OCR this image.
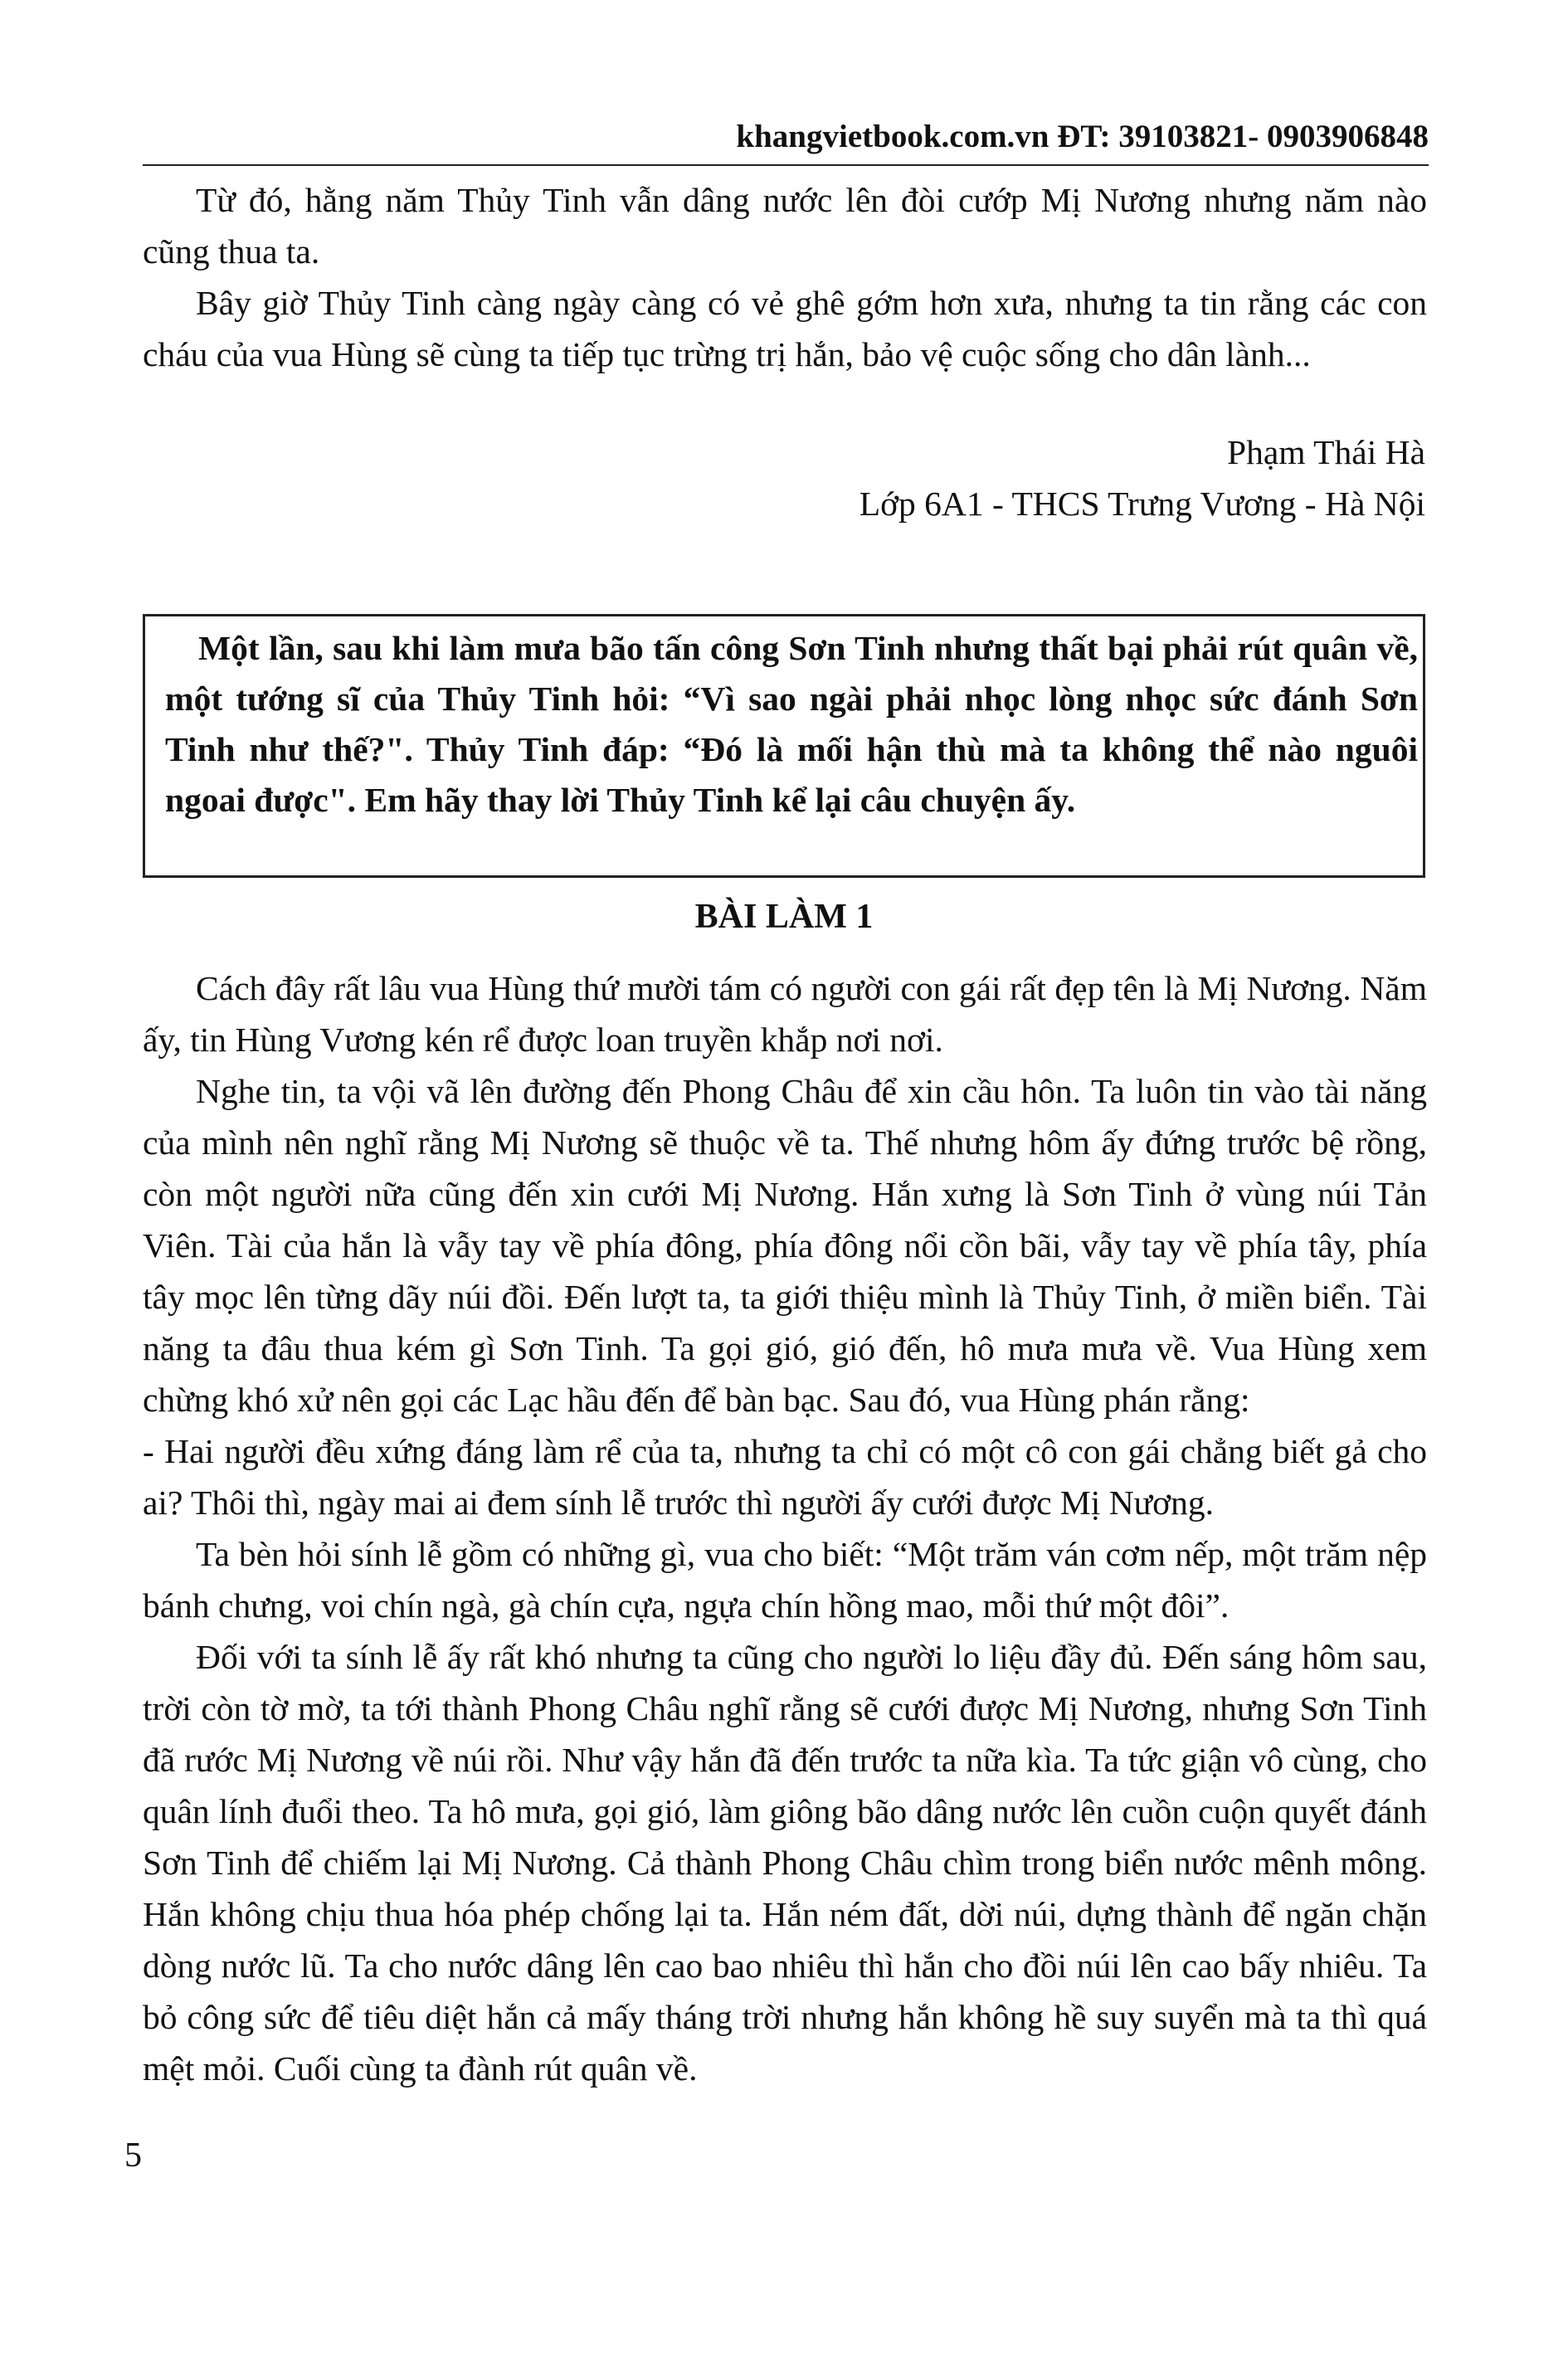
khangvietbook.com.vn ĐT: 39103821- 0903906848

Từ đó, hằng năm Thủy Tinh vẫn dâng nước lên đòi cướp Mị Nương nhưng năm nào cũng thua ta.

Bây giờ Thủy Tinh càng ngày càng có vẻ ghê gớm hơn xưa, nhưng ta tin rằng các con cháu của vua Hùng sẽ cùng ta tiếp tục trừng trị hắn, bảo vệ cuộc sống cho dân lành...

Phạm Thái Hà
Lớp 6A1 - THCS Trưng Vương - Hà Nội

Một lần, sau khi làm mưa bão tấn công Sơn Tinh nhưng thất bại phải rút quân về, một tướng sĩ của Thủy Tinh hỏi: “Vì sao ngài phải nhọc lòng nhọc sức đánh Sơn Tinh như thế?". Thủy Tinh đáp: “Đó là mối hận thù mà ta không thể nào nguôi ngoai được". Em hãy thay lời Thủy Tinh kể lại câu chuyện ấy.

BÀI LÀM 1

Cách đây rất lâu vua Hùng thứ mười tám có người con gái rất đẹp tên là Mị Nương. Năm ấy, tin Hùng Vương kén rể được loan truyền khắp nơi nơi.

Nghe tin, ta vội vã lên đường đến Phong Châu để xin cầu hôn. Ta luôn tin vào tài năng của mình nên nghĩ rằng Mị Nương sẽ thuộc về ta. Thế nhưng hôm ấy đứng trước bệ rồng, còn một người nữa cũng đến xin cưới Mị Nương. Hắn xưng là Sơn Tinh ở vùng núi Tản Viên. Tài của hắn là vẫy tay về phía đông, phía đông nổi cồn bãi, vẫy tay về phía tây, phía tây mọc lên từng dãy núi đồi. Đến lượt ta, ta giới thiệu mình là Thủy Tinh, ở miền biển. Tài năng ta đâu thua kém gì Sơn Tinh. Ta gọi gió, gió đến, hô mưa mưa về. Vua Hùng xem chừng khó xử nên gọi các Lạc hầu đến để bàn bạc. Sau đó, vua Hùng phán rằng:

- Hai người đều xứng đáng làm rể của ta, nhưng ta chỉ có một cô con gái chẳng biết gả cho ai? Thôi thì, ngày mai ai đem sính lễ trước thì người ấy cưới được Mị Nương.

Ta bèn hỏi sính lễ gồm có những gì, vua cho biết: “Một trăm ván cơm nếp, một trăm nệp bánh chưng, voi chín ngà, gà chín cựa, ngựa chín hồng mao, mỗi thứ một đôi”.

Đối với ta sính lễ ấy rất khó nhưng ta cũng cho người lo liệu đầy đủ. Đến sáng hôm sau, trời còn tờ mờ, ta tới thành Phong Châu nghĩ rằng sẽ cưới được Mị Nương, nhưng Sơn Tinh đã rước Mị Nương về núi rồi. Như vậy hắn đã đến trước ta nữa kìa. Ta tức giận vô cùng, cho quân lính đuổi theo. Ta hô mưa, gọi gió, làm giông bão dâng nước lên cuồn cuộn quyết đánh Sơn Tinh để chiếm lại Mị Nương. Cả thành Phong Châu chìm trong biển nước mênh mông. Hắn không chịu thua hóa phép chống lại ta. Hắn ném đất, dời núi, dựng thành để ngăn chặn dòng nước lũ. Ta cho nước dâng lên cao bao nhiêu thì hắn cho đồi núi lên cao bấy nhiêu. Ta bỏ công sức để tiêu diệt hắn cả mấy tháng trời nhưng hắn không hề suy suyển mà ta thì quá mệt mỏi. Cuối cùng ta đành rút quân về.

5
